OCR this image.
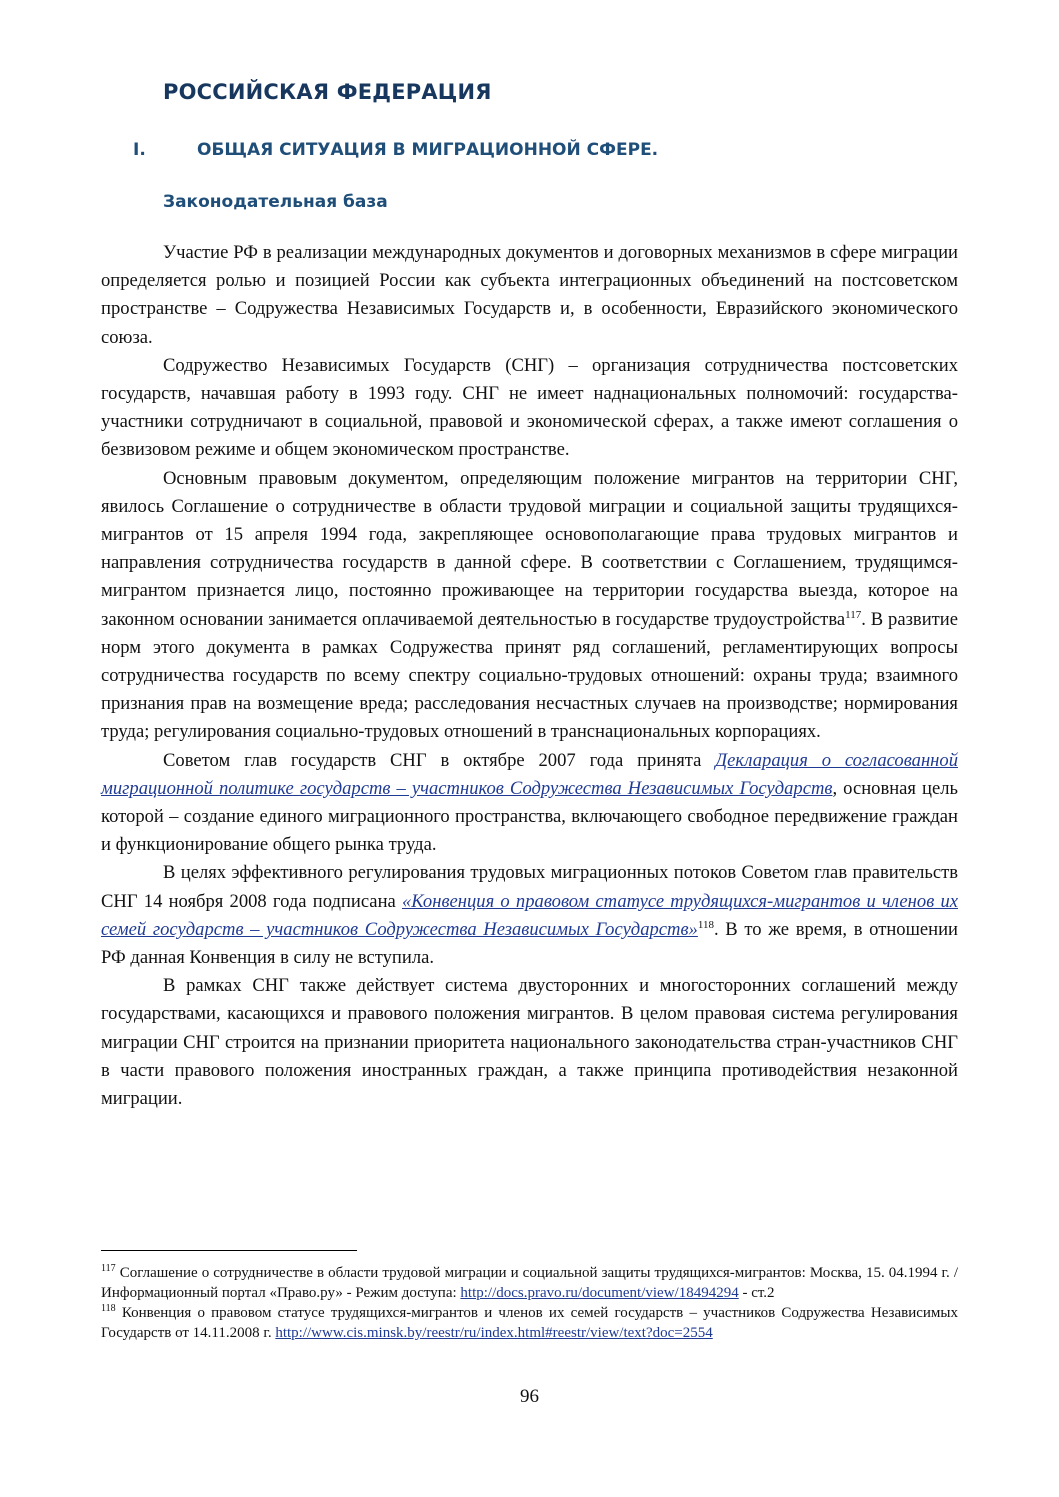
РОССИЙСКАЯ ФЕДЕРАЦИЯ
I.	ОБЩАЯ СИТУАЦИЯ В МИГРАЦИОННОЙ СФЕРЕ.
Законодательная база

Участие РФ в реализации международных документов и договорных механизмов в сфере миграции определяется ролью и позицией России как субъекта интеграционных объединений на постсоветском пространстве – Содружества Независимых Государств и, в особенности, Евразийского экономического союза.

Содружество Независимых Государств (СНГ) – организация сотрудничества постсоветских государств, начавшая работу в 1993 году. СНГ не имеет наднациональных полномочий: государства-участники сотрудничают в социальной, правовой и экономической сферах, а также имеют соглашения о безвизовом режиме и общем экономическом пространстве.

Основным правовым документом, определяющим положение мигрантов на территории СНГ, явилось Соглашение о сотрудничестве в области трудовой миграции и социальной защиты трудящихся-мигрантов от 15 апреля 1994 года, закрепляющее основополагающие права трудовых мигрантов и направления сотрудничества государств в данной сфере. В соответствии с Соглашением, трудящимся-мигрантом признается лицо, постоянно проживающее на территории государства выезда, которое на законном основании занимается оплачиваемой деятельностью в государстве трудоустройства$^{117}$. В развитие норм этого документа в рамках Содружества принят ряд соглашений, регламентирующих вопросы сотрудничества государств по всему спектру социально-трудовых отношений: охраны труда; взаимного признания прав на возмещение вреда; расследования несчастных случаев на производстве; нормирования труда; регулирования социально-трудовых отношений в транснациональных корпорациях.

Советом глав государств СНГ в октябре 2007 года принята Декларация о согласованной миграционной политике государств – участников Содружества Независимых Государств, основная цель которой – создание единого миграционного пространства, включающего свободное передвижение граждан и функционирование общего рынка труда.

В целях эффективного регулирования трудовых миграционных потоков Советом глав правительств СНГ 14 ноября 2008 года подписана «Конвенция о правовом статусе трудящихся-мигрантов и членов их семей государств – участников Содружества Независимых Государств»$^{118}$. В то же время, в отношении РФ данная Конвенция в силу не вступила.

В рамках СНГ также действует система двусторонних и многосторонних соглашений между государствами, касающихся и правового положения мигрантов. В целом правовая система регулирования миграции СНГ строится на признании приоритета национального законодательства стран-участников СНГ в части правового положения иностранных граждан, а также принципа противодействия незаконной миграции.

$^{117}$ Соглашение о сотрудничестве в области трудовой миграции и социальной защиты трудящихся-мигрантов: Москва, 15. 04.1994 г. / Информационный портал «Право.ру» - Режим доступа: http://docs.pravo.ru/document/view/18494294 - ст.2

$^{118}$ Конвенция о правовом статусе трудящихся-мигрантов и членов их семей государств – участников Содружества Независимых Государств от 14.11.2008 г. http://www.cis.minsk.by/reestr/ru/index.html#reestr/view/text?doc=2554

96
